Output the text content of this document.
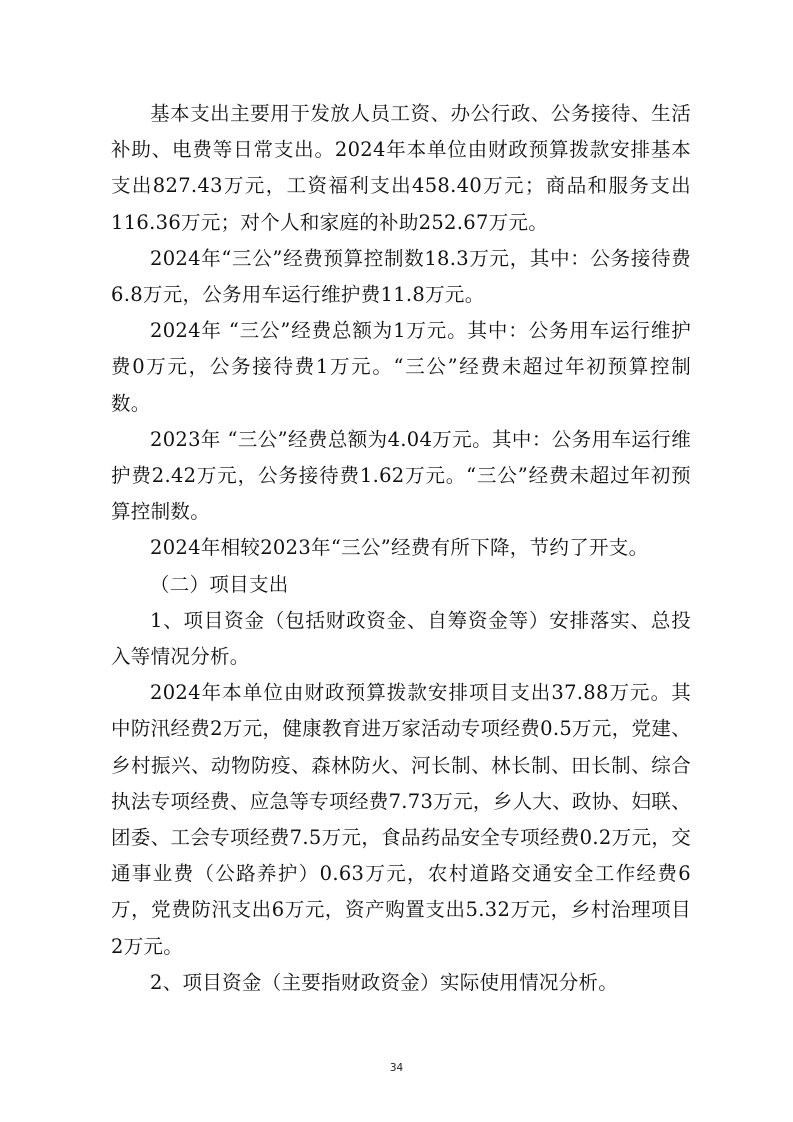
基本支出主要用于发放人员工资、办公行政、公务接待、生活补助、电费等日常支出。2024年本单位由财政预算拨款安排基本支出827.43万元，工资福利支出458.40万元；商品和服务支出116.36万元；对个人和家庭的补助252.67万元。

2024年“三公”经费预算控制数18.3万元，其中：公务接待费6.8万元，公务用车运行维护费11.8万元。

2024年 “三公”经费总额为1万元。其中：公务用车运行维护费0万元，公务接待费1万元。“三公”经费未超过年初预算控制数。

2023年 “三公”经费总额为4.04万元。其中：公务用车运行维护费2.42万元，公务接待费1.62万元。“三公”经费未超过年初预算控制数。

2024年相较2023年“三公”经费有所下降，节约了开支。

（二）项目支出

1、项目资金（包括财政资金、自筹资金等）安排落实、总投入等情况分析。

2024年本单位由财政预算拨款安排项目支出37.88万元。其中防汛经费2万元，健康教育进万家活动专项经费0.5万元，党建、乡村振兴、动物防疫、森林防火、河长制、林长制、田长制、综合执法专项经费、应急等专项经费7.73万元，乡人大、政协、妇联、团委、工会专项经费7.5万元，食品药品安全专项经费0.2万元，交通事业费（公路养护）0.63万元，农村道路交通安全工作经费6万，党费防汛支出6万元，资产购置支出5.32万元，乡村治理项目2万元。

2、项目资金（主要指财政资金）实际使用情况分析。

34
